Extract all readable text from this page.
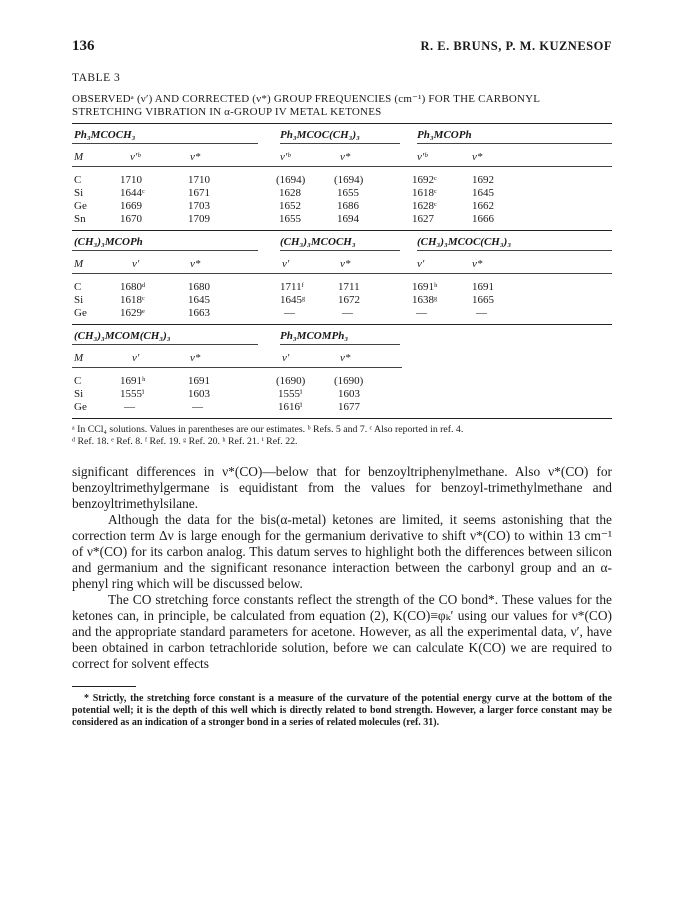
136	R. E. BRUNS, P. M. KUZNESOF
TABLE 3
OBSERVEDᵃ (ν′) AND CORRECTED (ν*) GROUP FREQUENCIES (cm⁻¹) FOR THE CARBONYL
STRETCHING VIBRATION IN α-GROUP IV METAL KETONES
Ph₃MCOCH₃	Ph₃MCOC(CH₃)₃	Ph₃MCOPh
M	ν′ᵇ	ν*	ν′ᵇ	ν*	ν′ᵇ	ν*
C	1710	1710	(1694)	(1694)	1692ᶜ	1692
Si	1644ᶜ	1671	1628	1655	1618ᶜ	1645
Ge	1669	1703	1652	1686	1628ᶜ	1662
Sn	1670	1709	1655	1694	1627	1666
(CH₃)₃MCOPh	(CH₃)₃MCOCH₃	(CH₃)₃MCOC(CH₃)₃
M	ν′	ν*	ν′	ν*	ν′	ν*
C	1680ᵈ	1680	1711ᶠ	1711	1691ʰ	1691
Si	1618ᶜ	1645	1645ᵍ	1672	1638ᵍ	1665
Ge	1629ᵉ	1663	—	—	—	—
(CH₃)₃MCOM(CH₃)₃	Ph₃MCOMPh₃
M	ν′	ν*	ν′	ν*
C	1691ʰ	1691	(1690)	(1690)
Si	1555ⁱ	1603	1555ⁱ	1603
Ge	—	—	1616ⁱ	1677
ᵃ In CCl₄ solutions. Values in parentheses are our estimates. ᵇ Refs. 5 and 7. ᶜ Also reported in ref. 4.
ᵈ Ref. 18. ᵉ Ref. 8. ᶠ Ref. 19. ᵍ Ref. 20. ʰ Ref. 21. ⁱ Ref. 22.

significant differences in ν*(CO)—below that for benzoyltriphenylmethane. Also ν*(CO) for benzoyltrimethylgermane is equidistant from the values for benzoyl-trimethylmethane and benzoyltrimethylsilane.

Although the data for the bis(α-metal) ketones are limited, it seems astonishing that the correction term Δν is large enough for the germanium derivative to shift ν*(CO) to within 13 cm⁻¹ of ν*(CO) for its carbon analog. This datum serves to highlight both the differences between silicon and germanium and the significant resonance interaction between the carbonyl group and an α-phenyl ring which will be discussed below.

The CO stretching force constants reflect the strength of the CO bond*. These values for the ketones can, in principle, be calculated from equation (2), K(CO)≡φₖ′ using our values for ν*(CO) and the appropriate standard parameters for acetone. However, as all the experimental data, ν′, have been obtained in carbon tetrachloride solution, before we can calculate K(CO) we are required to correct for solvent effects

* Strictly, the stretching force constant is a measure of the curvature of the potential energy curve at the bottom of the potential well; it is the depth of this well which is directly related to bond strength. However, a larger force constant may be considered as an indication of a stronger bond in a series of related molecules (ref. 31).
